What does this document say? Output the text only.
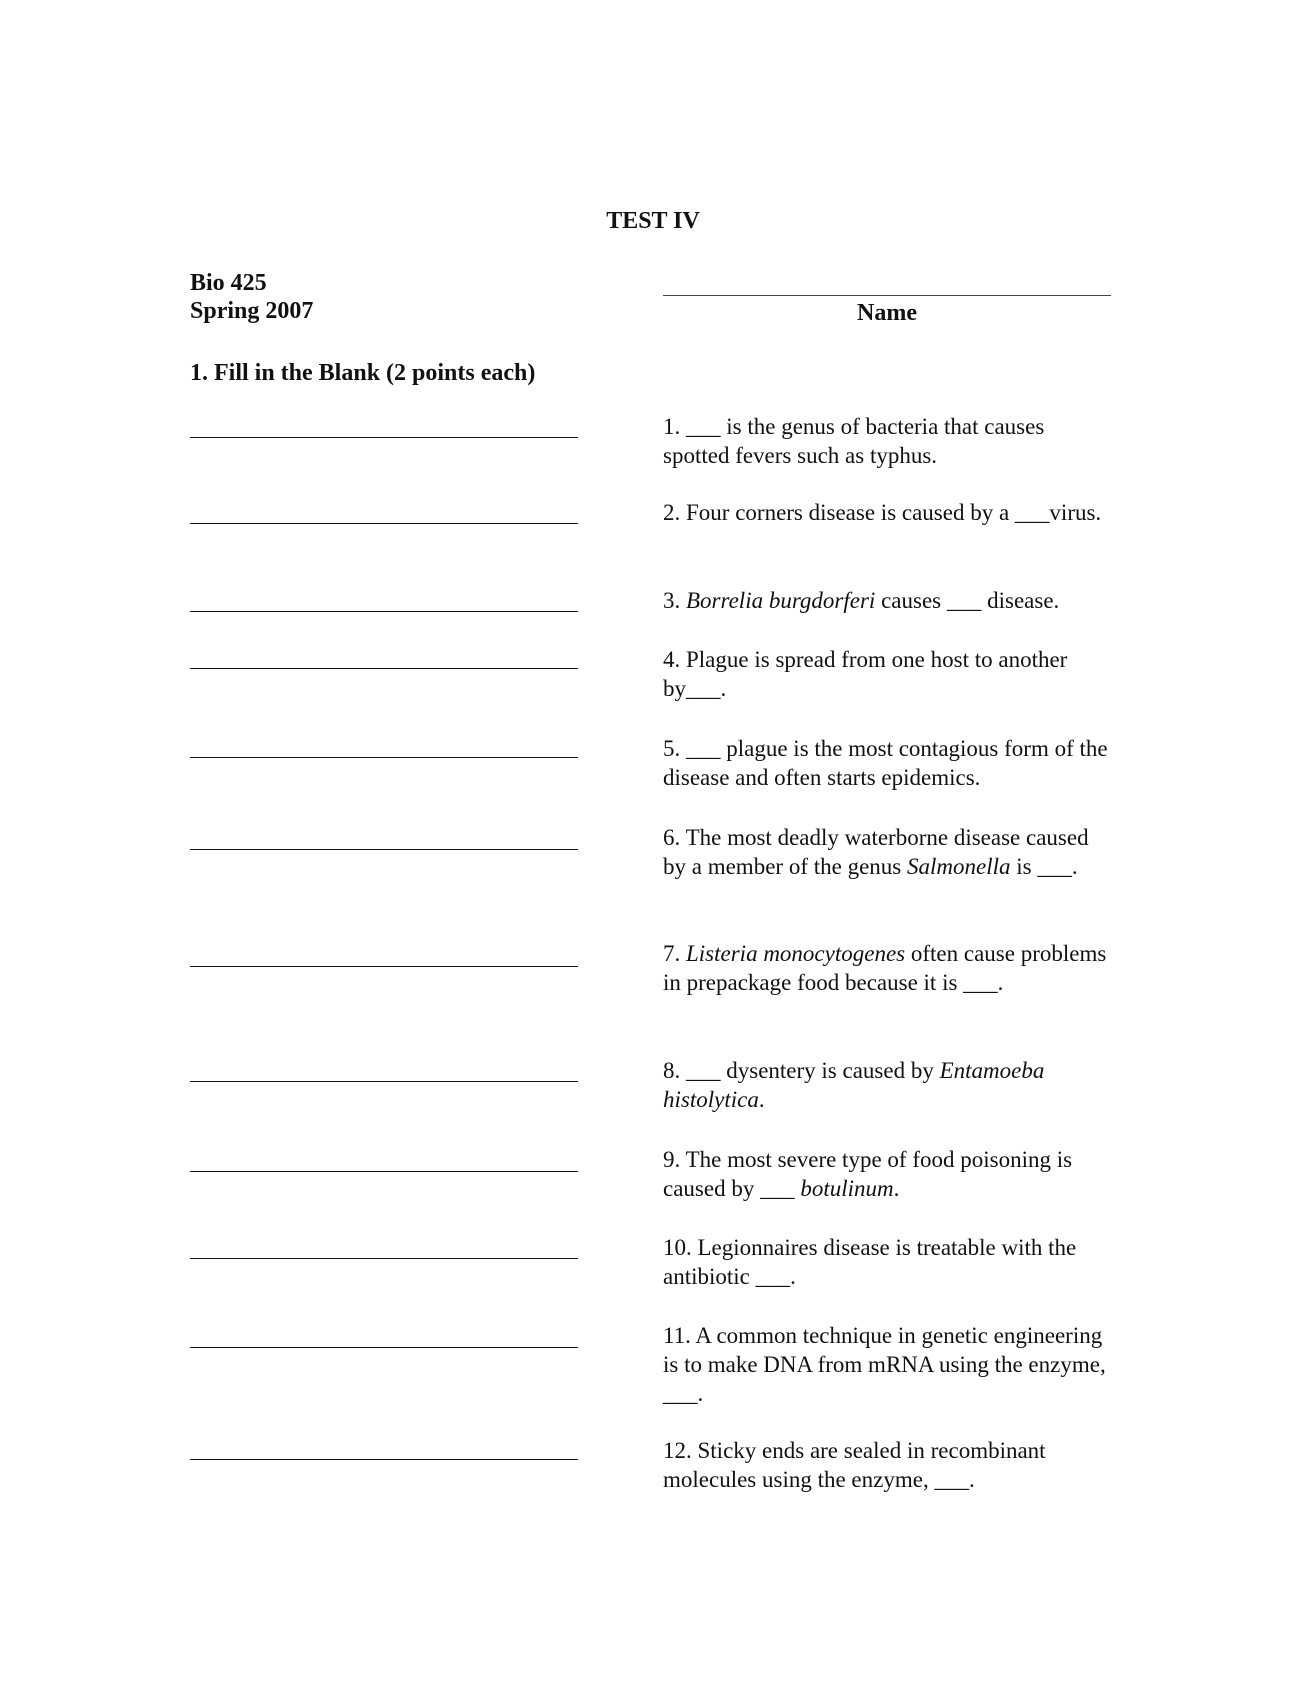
TEST IV
Bio 425
Spring 2007	Name
1. Fill in the Blank (2 points each)
1. ___ is the genus of bacteria that causes spotted fevers such as typhus.
2. Four corners disease is caused by a ___virus.
3. Borrelia burgdorferi causes ___ disease.
4. Plague is spread from one host to another by___.
5. ___ plague is the most contagious form of the disease and often starts epidemics.
6. The most deadly waterborne disease caused by a member of the genus Salmonella is ___.
7. Listeria monocytogenes often cause problems in prepackage food because it is ___.
8. ___ dysentery is caused by Entamoeba histolytica.
9. The most severe type of food poisoning is caused by ___ botulinum.
10. Legionnaires disease is treatable with the antibiotic ___.
11. A common technique in genetic engineering is to make DNA from mRNA using the enzyme, ___.
12. Sticky ends are sealed in recombinant molecules using the enzyme, ___.
